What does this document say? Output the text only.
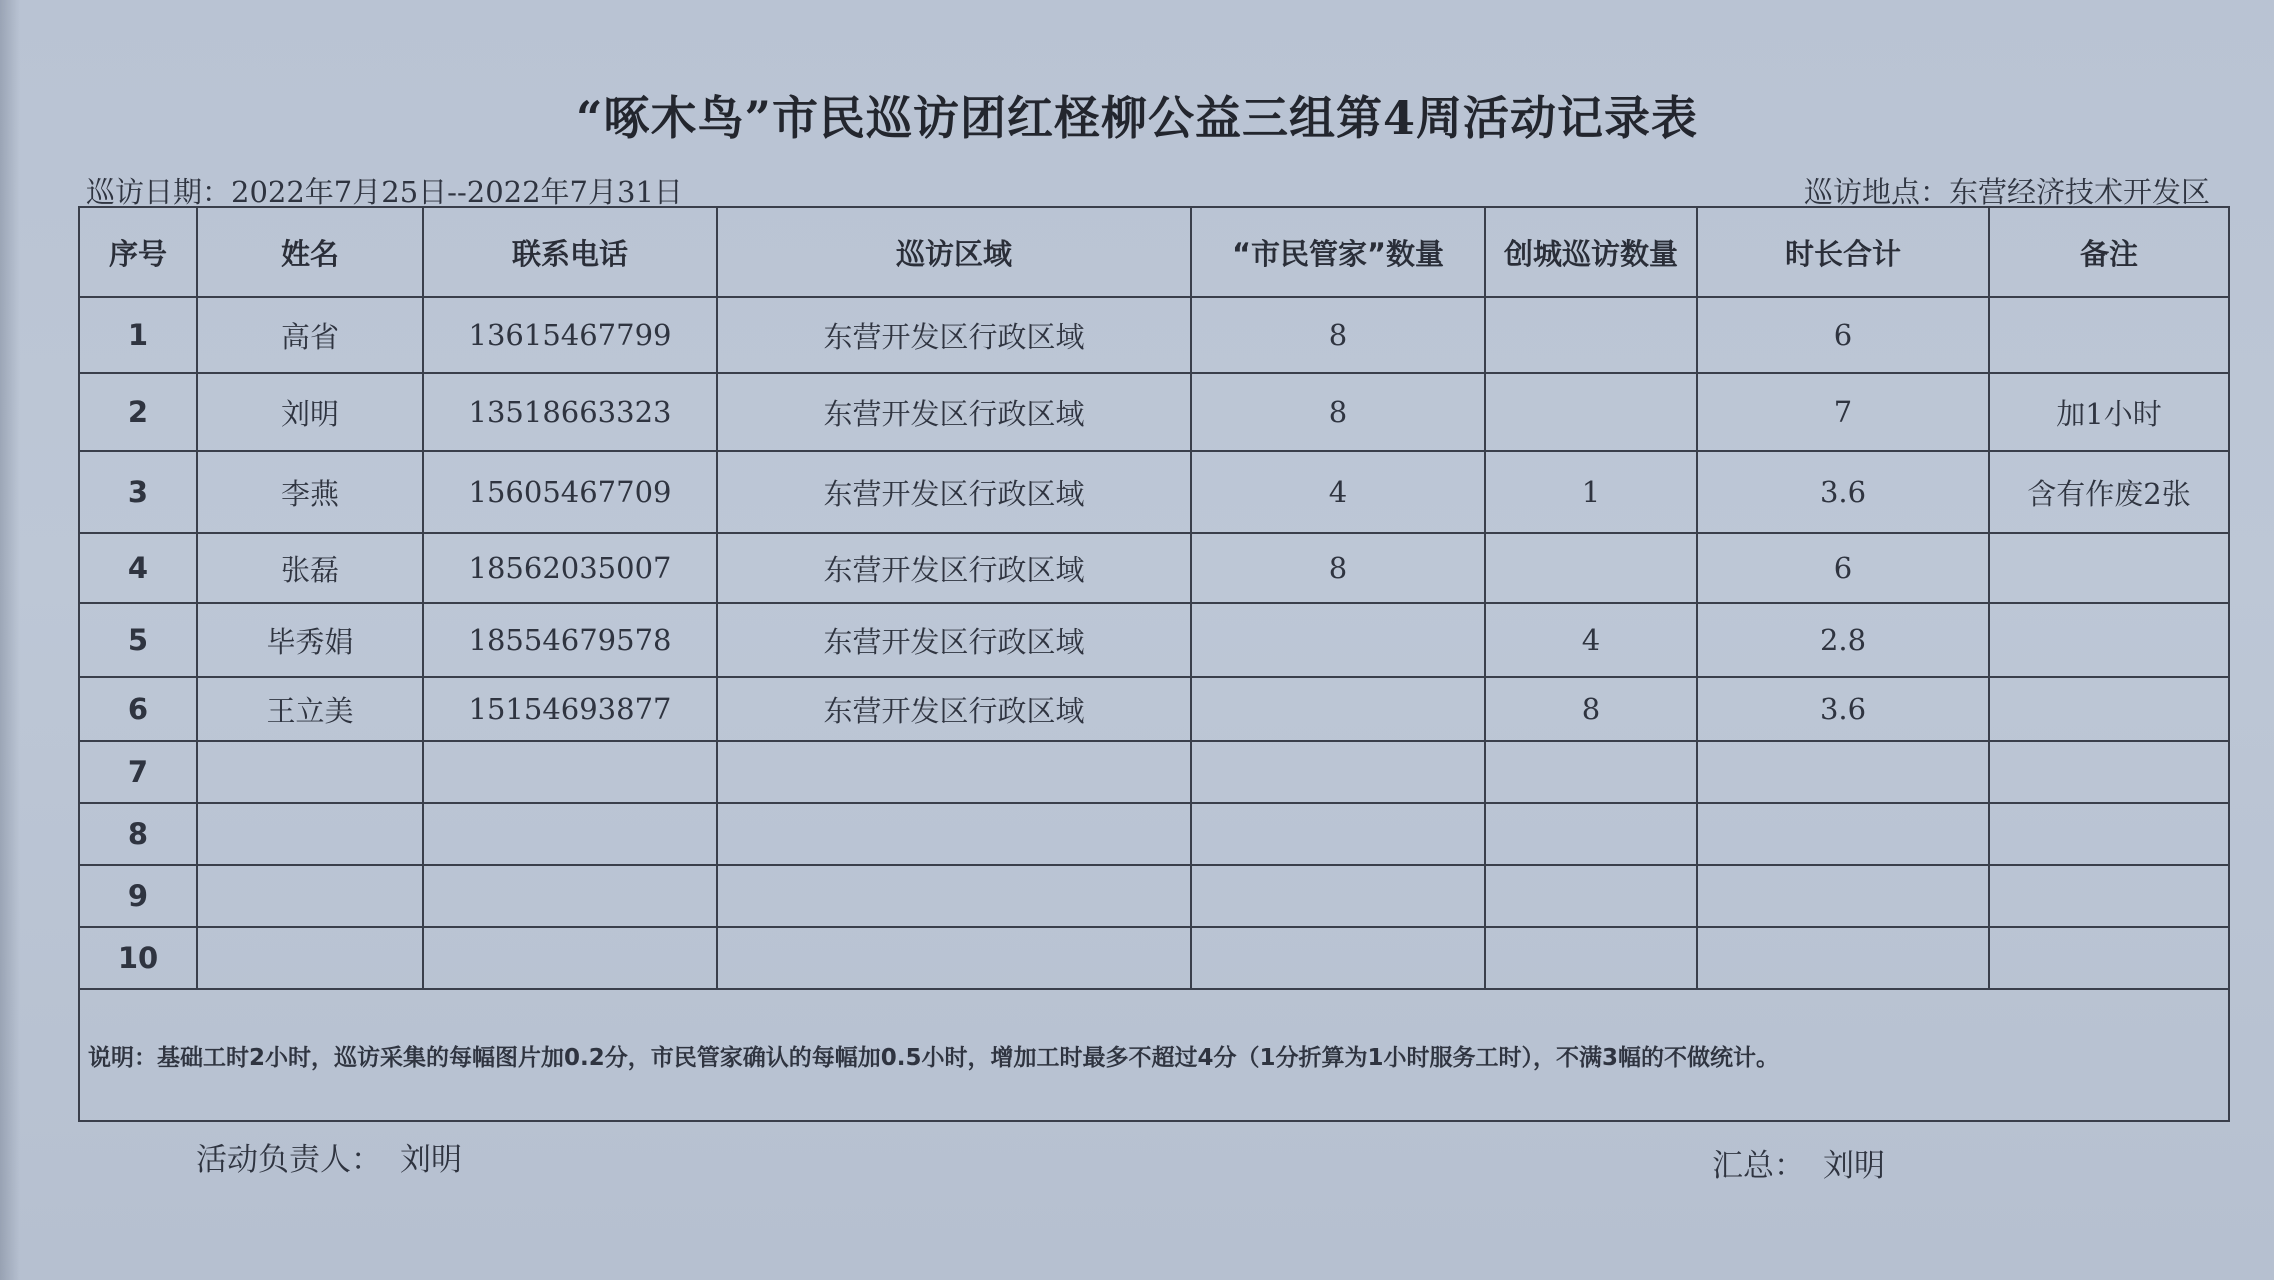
“啄木鸟”市民巡访团红柽柳公益三组第4周活动记录表
巡访日期：2022年7月25日--2022年7月31日	巡访地点：东营经济技术开发区
序号	姓名	联系电话	巡访区域	“市民管家”数量	创城巡访数量	时长合计	备注
1	高省	13615467799	东营开发区行政区域	8		6	
2	刘明	13518663323	东营开发区行政区域	8		7	加1小时
3	李燕	15605467709	东营开发区行政区域	4	1	3.6	含有作废2张
4	张磊	18562035007	东营开发区行政区域	8		6	
5	毕秀娟	18554679578	东营开发区行政区域		4	2.8	
6	王立美	15154693877	东营开发区行政区域		8	3.6	
7							
8							
9							
10							
说明：基础工时2小时，巡访采集的每幅图片加0.2分，市民管家确认的每幅加0.5小时，增加工时最多不超过4分（1分折算为1小时服务工时），不满3幅的不做统计。							
活动负责人： 刘明	汇总： 刘明
